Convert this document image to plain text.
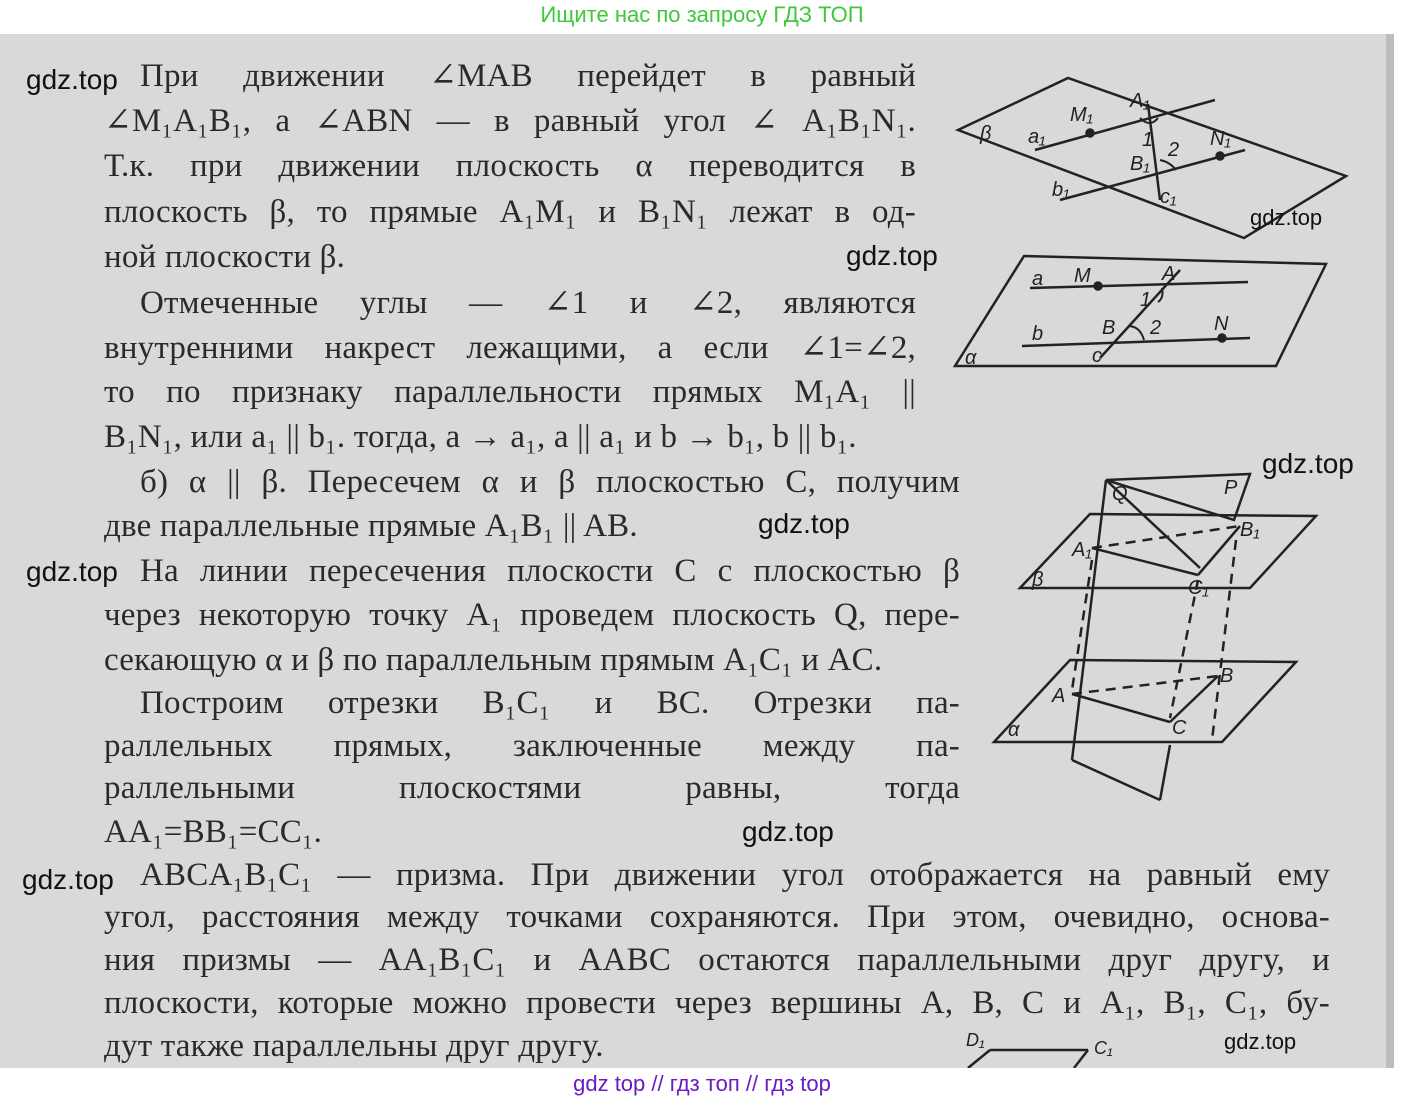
Ищите нас по запросу ГДЗ ТОП
При движении ∠MAB перейдет в равный
∠M₁A₁B₁, а ∠ABN — в равный угол ∠ A₁B₁N₁.
Т.к. при движении плоскость α переводится в
плоскость β, то прямые A₁M₁ и B₁N₁ лежат в од-
ной плоскости β.
Отмеченные углы — ∠1 и ∠2, являются
внутренними накрест лежащими, а если ∠1=∠2,
то по признаку параллельности прямых M₁A₁ ||
B₁N₁, или a₁ || b₁. тогда, a → a₁, a || a₁ и b → b₁, b || b₁.
б) α || β. Пересечем α и β плоскостью С, получим
две параллельные прямые A₁B₁ || AB.
На линии пересечения плоскости С с плоскостью β
через некоторую точку A₁ проведем плоскость Q, пере-
секающую α и β по параллельным прямым A₁C₁ и AC.
Построим отрезки B₁C₁ и BC. Отрезки па-
раллельных прямых, заключенные между па-
раллельными плоскостями равны, тогда
AA₁=BB₁=CC₁.
ABCA₁B₁C₁ — призма. При движении угол отображается на равный ему
угол, расстояния между точками сохраняются. При этом, очевидно, основа-
ния призмы — AA₁B₁C₁ и AABC остаются параллельными друг другу, и
плоскости, которые можно провести через вершины A, B, C и A₁, B₁, C₁, бу-
дут также параллельны друг другу.
β a₁
b₁	c₁
M₁
A₁
B₁
N₁
1 2
α
a
b
c
M	A
B	N
1
2
Q	P
β
α
A₁
B₁
C₁
A
B
C
D₁	C₁
gdz.top
gdz.top
gdz.top
gdz.top
gdz.top
gdz.top
gdz.top
gdz.top
gdz.top
gdz top // гдз топ // гдз top
